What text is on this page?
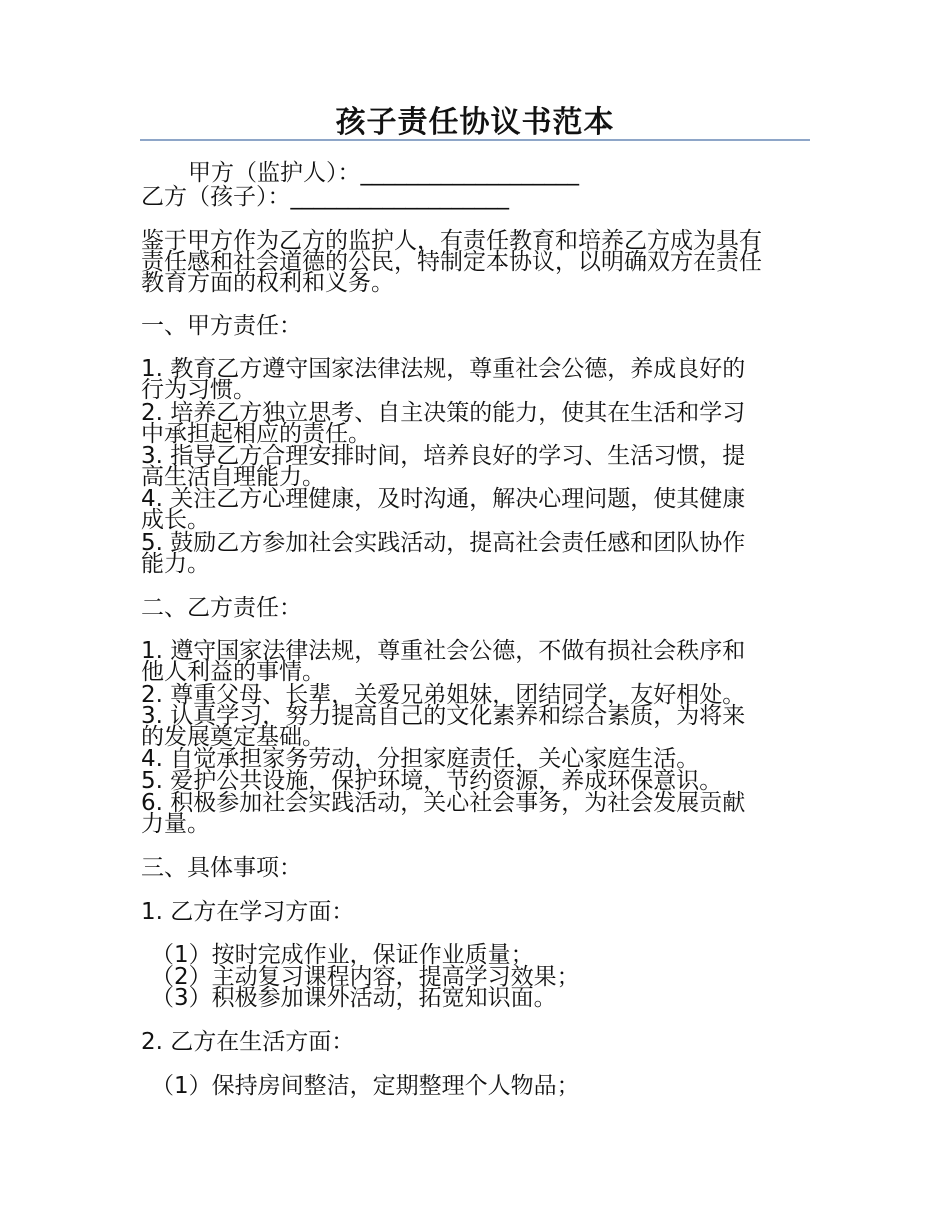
孩子责任协议书范本
甲方（监护人）：___________________
乙方（孩子）：___________________
鉴于甲方作为乙方的监护人，有责任教育和培养乙方成为具有
责任感和社会道德的公民，特制定本协议，以明确双方在责任
教育方面的权利和义务。
一、甲方责任：
1. 教育乙方遵守国家法律法规，尊重社会公德，养成良好的
行为习惯。
2. 培养乙方独立思考、自主决策的能力，使其在生活和学习
中承担起相应的责任。
3. 指导乙方合理安排时间，培养良好的学习、生活习惯，提
高生活自理能力。
4. 关注乙方心理健康，及时沟通，解决心理问题，使其健康
成长。
5. 鼓励乙方参加社会实践活动，提高社会责任感和团队协作
能力。
二、乙方责任：
1. 遵守国家法律法规，尊重社会公德，不做有损社会秩序和
他人利益的事情。
2. 尊重父母、长辈，关爱兄弟姐妹，团结同学，友好相处。
3. 认真学习，努力提高自己的文化素养和综合素质，为将来
的发展奠定基础。
4. 自觉承担家务劳动，分担家庭责任，关心家庭生活。
5. 爱护公共设施，保护环境，节约资源，养成环保意识。
6. 积极参加社会实践活动，关心社会事务，为社会发展贡献
力量。
三、具体事项：
1. 乙方在学习方面：
（1）按时完成作业，保证作业质量；
（2）主动复习课程内容，提高学习效果；
（3）积极参加课外活动，拓宽知识面。
2. 乙方在生活方面：
（1）保持房间整洁，定期整理个人物品；
